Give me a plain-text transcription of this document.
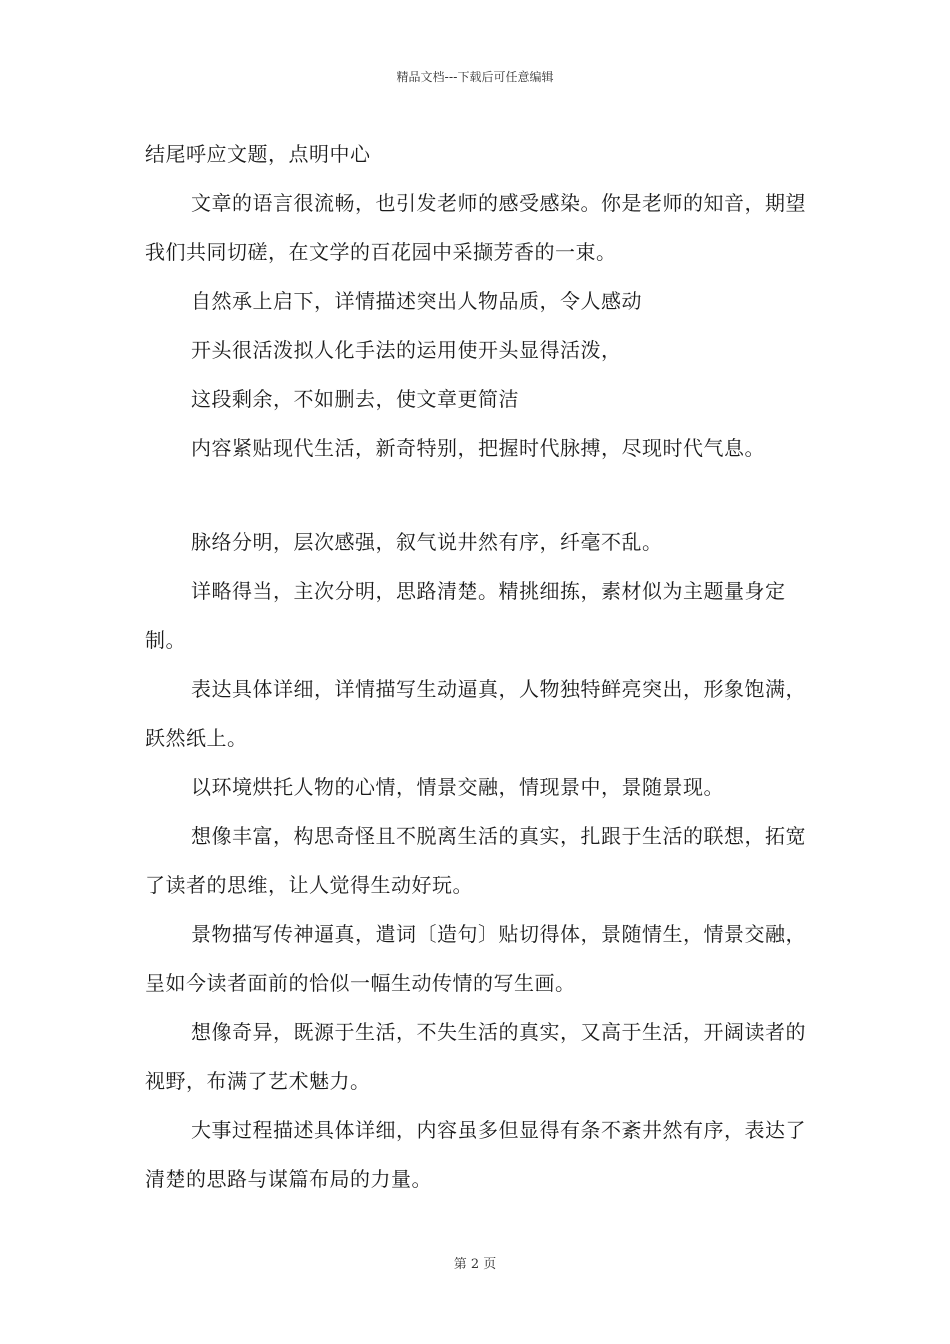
精品文档---下载后可任意编辑

结尾呼应文题，点明中心

文章的语言很流畅，也引发老师的感受感染。你是老师的知音，期望我们共同切磋，在文学的百花园中采撷芳香的一束。

自然承上启下，详情描述突出人物品质，令人感动

开头很活泼拟人化手法的运用使开头显得活泼，

这段剩余，不如删去，使文章更简洁

内容紧贴现代生活，新奇特别，把握时代脉搏，尽现时代气息。

脉络分明，层次感强，叙气说井然有序，纤毫不乱。

详略得当，主次分明，思路清楚。精挑细拣，素材似为主题量身定制。

表达具体详细，详情描写生动逼真，人物独特鲜亮突出，形象饱满，跃然纸上。

以环境烘托人物的心情，情景交融，情现景中，景随景现。

想像丰富，构思奇怪且不脱离生活的真实，扎跟于生活的联想，拓宽了读者的思维，让人觉得生动好玩。

景物描写传神逼真，遣词〔造句〕贴切得体，景随情生，情景交融，呈如今读者面前的恰似一幅生动传情的写生画。

想像奇异，既源于生活，不失生活的真实，又高于生活，开阔读者的视野，布满了艺术魅力。

大事过程描述具体详细，内容虽多但显得有条不紊井然有序，表达了清楚的思路与谋篇布局的力量。

第 2 页
